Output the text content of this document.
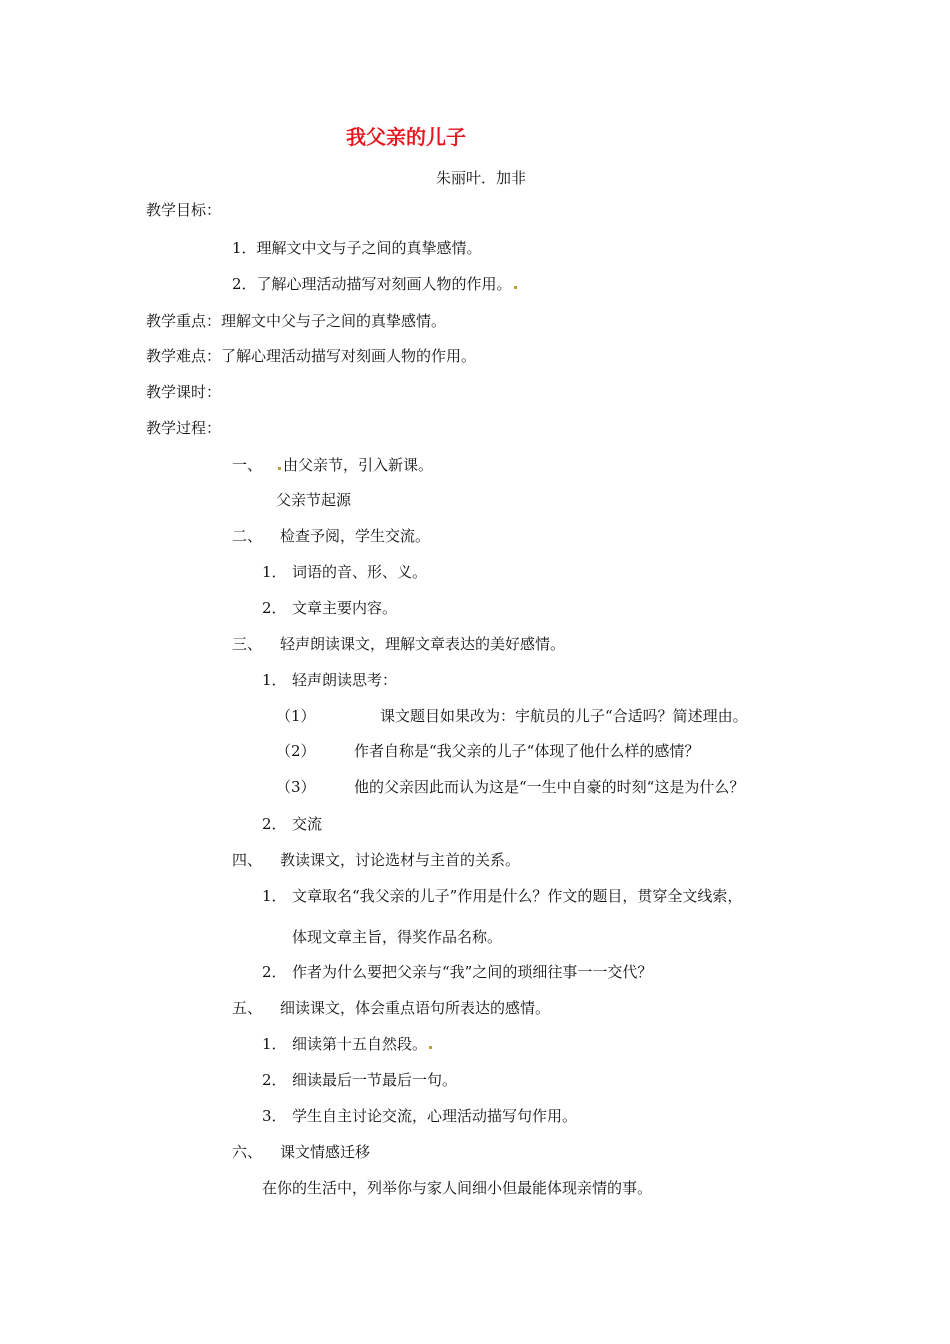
我父亲的儿子
朱丽叶．加非
教学目标：
1．理解文中文与子之间的真挚感情。
2．了解心理活动描写对刻画人物的作用。
教学重点：理解文中父与子之间的真挚感情。
教学难点：了解心理活动描写对刻画人物的作用。
教学课时：
教学过程：
一、	由父亲节，引入新课。
父亲节起源
二、 检查予阅，学生交流。
1． 词语的音、形、义。
2． 文章主要内容。
三、 轻声朗读课文，理解文章表达的美好感情。
1． 轻声朗读思考：
（1）	课文题目如果改为：宇航员的儿子“合适吗？简述理由。
（2）	作者自称是“我父亲的儿子“体现了他什么样的感情？
（3）	他的父亲因此而认为这是“一生中自豪的时刻“这是为什么？
2． 交流
四、 教读课文，讨论选材与主首的关系。
1． 文章取名“我父亲的儿子”作用是什么？作文的题目，贯穿全文线索，
体现文章主旨，得奖作品名称。
2． 作者为什么要把父亲与“我”之间的琐细往事一一交代？
五、 细读课文，体会重点语句所表达的感情。
1． 细读第十五自然段。
2． 细读最后一节最后一句。
3． 学生自主讨论交流，心理活动描写句作用。
六、 课文情感迁移
在你的生活中，列举你与家人间细小但最能体现亲情的事。
